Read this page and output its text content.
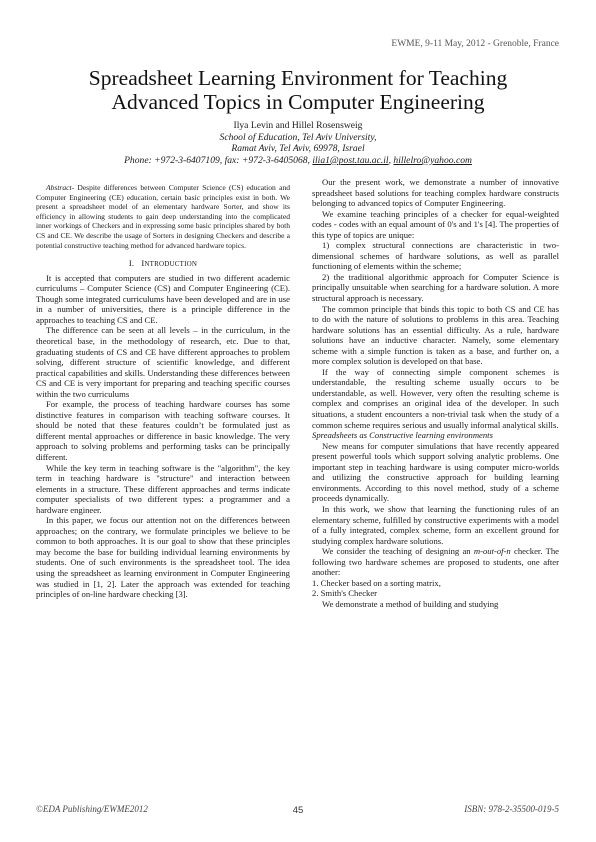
EWME, 9-11 May, 2012 - Grenoble, France
Spreadsheet Learning Environment for Teaching
Advanced Topics in Computer Engineering
Ilya Levin and Hillel Rosensweig
School of Education, Tel Aviv University,
Ramat Aviv, Tel Aviv, 69978, Israel
Phone: +972-3-6407109, fax: +972-3-6405068, ilia1@post.tau.ac.il, hillelro@yahoo.com

Abstract- Despite differences between Computer Science (CS) education and Computer Engineering (CE) education, certain basic principles exist in both. We present a spreadsheet model of an elementary hardware Sorter, and show its efficiency in allowing students to gain deep understanding into the complicated inner workings of Checkers and in expressing some basic principles shared by both CS and CE. We describe the usage of Sorters in designing Checkers and describe a potential constructive teaching method for advanced hardware topics.

I. INTRODUCTION

It is accepted that computers are studied in two different academic curriculums – Computer Science (CS) and Computer Engineering (CE). Though some integrated curriculums have been developed and are in use in a number of universities, there is a principle difference in the approaches to teaching CS and CE.

The difference can be seen at all levels – in the curriculum, in the theoretical base, in the methodology of research, etc. Due to that, graduating students of CS and CE have different approaches to problem solving, different structure of scientific knowledge, and different practical capabilities and skills. Understanding these differences between CS and CE is very important for preparing and teaching specific courses within the two curriculums

For example, the process of teaching hardware courses has some distinctive features in comparison with teaching software courses. It should be noted that these features couldn’t be formulated just as different mental approaches or difference in basic knowledge. The very approach to solving problems and performing tasks can be principally different.

While the key term in teaching software is the "algorithm", the key term in teaching hardware is "structure" and interaction between elements in a structure. These different approaches and terms indicate computer specialists of two different types: a programmer and a hardware engineer.

In this paper, we focus our attention not on the differences between approaches; on the contrary, we formulate principles we believe to be common to both approaches. It is our goal to show that these principles may become the base for building individual learning environments by students. One of such environments is the spreadsheet tool. The idea using the spreadsheet as learning environment in Computer Engineering was studied in [1, 2]. Later the approach was extended for teaching principles of on-line hardware checking [3].

Our the present work, we demonstrate a number of innovative spreadsheet based solutions for teaching complex hardware constructs belonging to advanced topics of Computer Engineering.

We examine teaching principles of a checker for equal-weighted codes - codes with an equal amount of 0's and 1's [4]. The properties of this type of topics are unique:

1) complex structural connections are characteristic in two-dimensional schemes of hardware solutions, as well as parallel functioning of elements within the scheme;

2) the traditional algorithmic approach for Computer Science is principally unsuitable when searching for a hardware solution. A more structural approach is necessary.

The common principle that binds this topic to both CS and CE has to do with the nature of solutions to problems in this area. Teaching hardware solutions has an essential difficulty. As a rule, hardware solutions have an inductive character. Namely, some elementary scheme with a simple function is taken as a base, and further on, a more complex solution is developed on that base.

If the way of connecting simple component schemes is understandable, the resulting scheme usually occurs to be understandable, as well. However, very often the resulting scheme is complex and comprises an original idea of the developer. In such situations, a student encounters a non-trivial task when the study of a common scheme requires serious and usually informal analytical skills.

Spreadsheets as Constructive learning environments

New means for computer simulations that have recently appeared present powerful tools which support solving analytic problems. One important step in teaching hardware is using computer micro-worlds and utilizing the constructive approach for building learning environments. According to this novel method, study of a scheme proceeds dynamically.

In this work, we show that learning the functioning rules of an elementary scheme, fulfilled by constructive experiments with a model of a fully integrated, complex scheme, form an excellent ground for studying complex hardware solutions.

We consider the teaching of designing an m-out-of-n checker. The following two hardware schemes are proposed to students, one after another:

1. Checker based on a sorting matrix,

2. Smith's Checker

We demonstrate a method of building and studying

©EDA Publishing/EWME2012	45	ISBN: 978-2-35500-019-5
